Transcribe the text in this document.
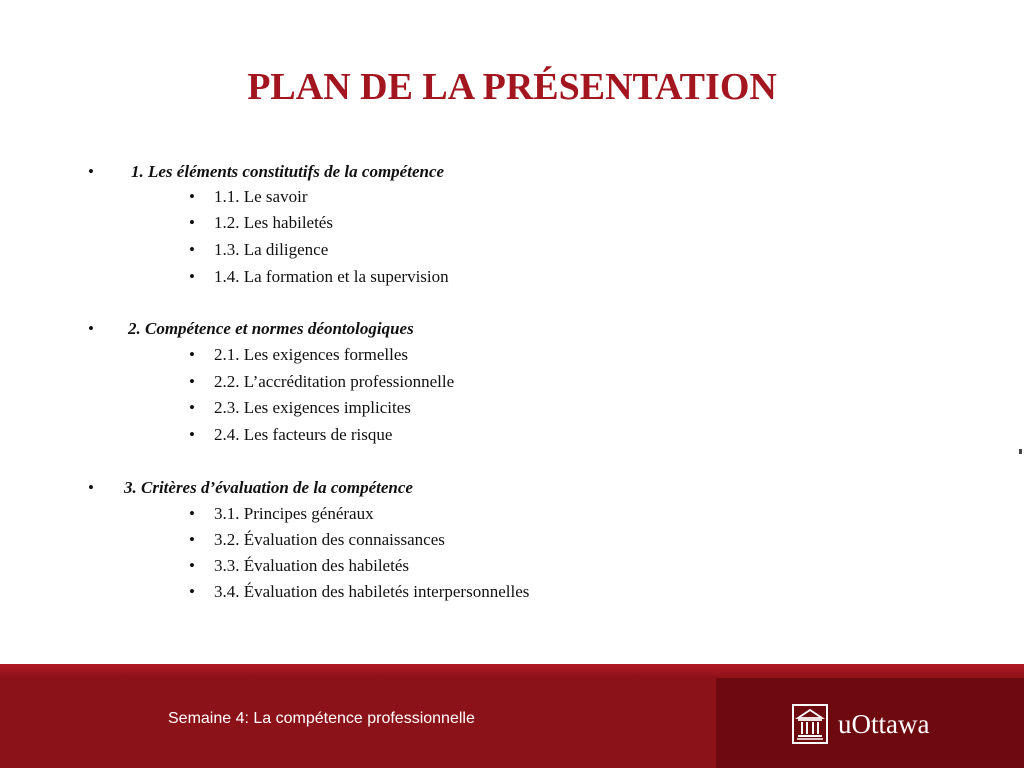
PLAN DE LA PRÉSENTATION
• 1. Les éléments constitutifs de la compétence
• 1.1. Le savoir
• 1.2. Les habiletés
• 1.3. La diligence
• 1.4. La formation et la supervision
• 2. Compétence et normes déontologiques
• 2.1. Les exigences formelles
• 2.2. L’accréditation professionnelle
• 2.3. Les exigences implicites
• 2.4. Les facteurs de risque
• 3. Critères d’évaluation de la compétence
• 3.1. Principes généraux
• 3.2. Évaluation des connaissances
• 3.3. Évaluation des habiletés
• 3.4. Évaluation des habiletés interpersonnelles
Semaine 4: La compétence professionnelle	uOttawa
